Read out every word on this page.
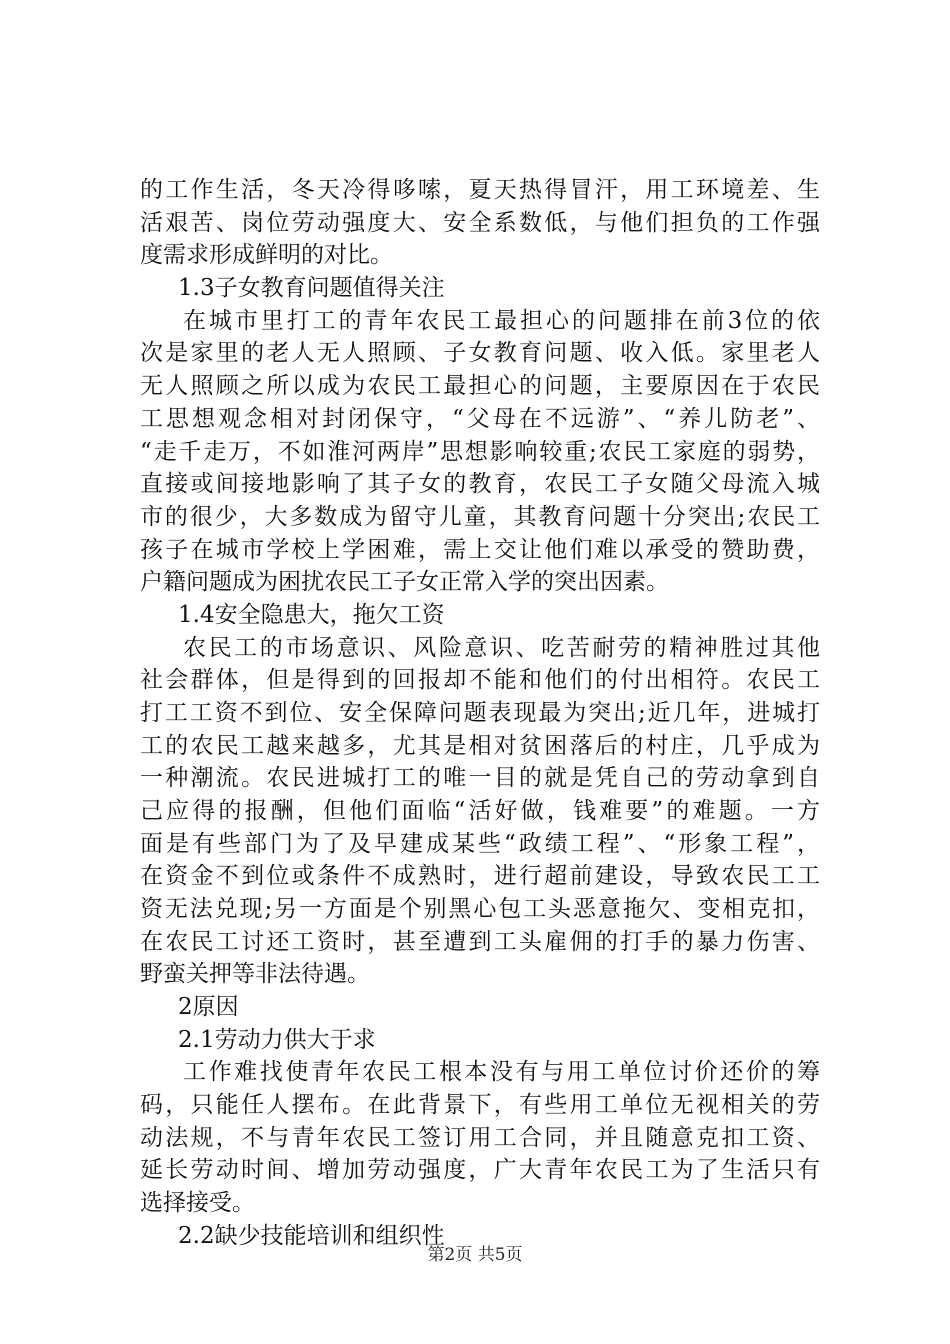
的工作生活，冬天冷得哆嗦，夏天热得冒汗，用工环境差、生
活艰苦、岗位劳动强度大、安全系数低，与他们担负的工作强
度需求形成鲜明的对比。
1.3子女教育问题值得关注
在城市里打工的青年农民工最担心的问题排在前3位的依
次是家里的老人无人照顾、子女教育问题、收入低。家里老人
无人照顾之所以成为农民工最担心的问题，主要原因在于农民
工思想观念相对封闭保守，“父母在不远游”、“养儿防老”、
“走千走万，不如淮河两岸”思想影响较重;农民工家庭的弱势，
直接或间接地影响了其子女的教育，农民工子女随父母流入城
市的很少，大多数成为留守儿童，其教育问题十分突出;农民工
孩子在城市学校上学困难，需上交让他们难以承受的赞助费，
户籍问题成为困扰农民工子女正常入学的突出因素。
1.4安全隐患大，拖欠工资
农民工的市场意识、风险意识、吃苦耐劳的精神胜过其他
社会群体，但是得到的回报却不能和他们的付出相符。农民工
打工工资不到位、安全保障问题表现最为突出;近几年，进城打
工的农民工越来越多，尤其是相对贫困落后的村庄，几乎成为
一种潮流。农民进城打工的唯一目的就是凭自己的劳动拿到自
己应得的报酬，但他们面临“活好做，钱难要”的难题。一方
面是有些部门为了及早建成某些“政绩工程”、“形象工程”，
在资金不到位或条件不成熟时，进行超前建设，导致农民工工
资无法兑现;另一方面是个别黑心包工头恶意拖欠、变相克扣，
在农民工讨还工资时，甚至遭到工头雇佣的打手的暴力伤害、
野蛮关押等非法待遇。
2原因
2.1劳动力供大于求
工作难找使青年农民工根本没有与用工单位讨价还价的筹
码，只能任人摆布。在此背景下，有些用工单位无视相关的劳
动法规，不与青年农民工签订用工合同，并且随意克扣工资、
延长劳动时间、增加劳动强度，广大青年农民工为了生活只有
选择接受。
2.2缺少技能培训和组织性
第2页 共5页
